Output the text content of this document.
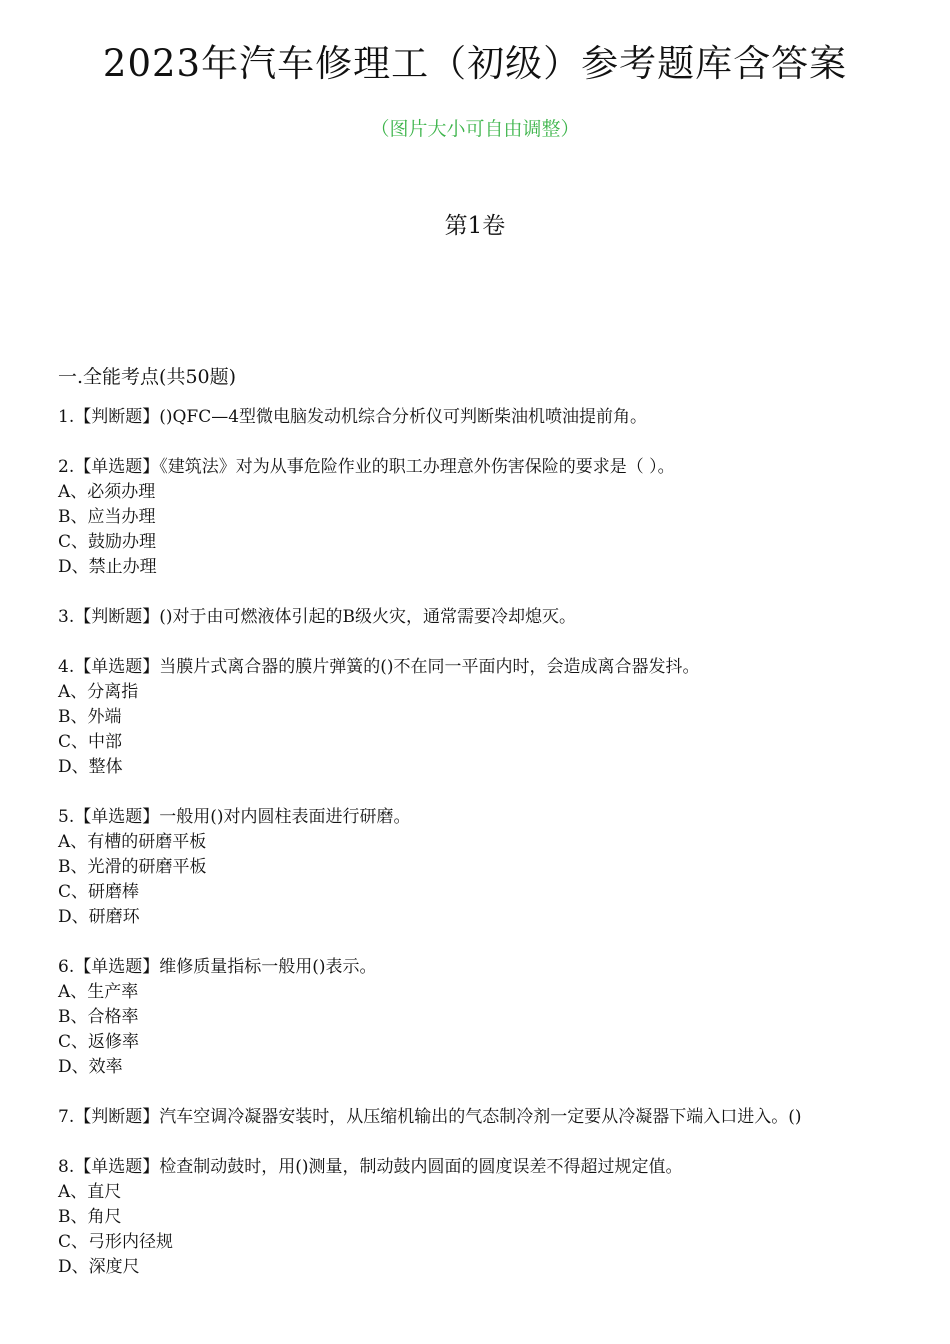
2023年汽车修理工（初级）参考题库含答案
（图片大小可自由调整）
第1卷
一.全能考点(共50题)
1.【判断题】()QFC—4型微电脑发动机综合分析仪可判断柴油机喷油提前角。
2.【单选题】《建筑法》对为从事危险作业的职工办理意外伤害保险的要求是（ ）。
A、必须办理
B、应当办理
C、鼓励办理
D、禁止办理
3.【判断题】()对于由可燃液体引起的B级火灾，通常需要冷却熄灭。
4.【单选题】当膜片式离合器的膜片弹簧的()不在同一平面内时，会造成离合器发抖。
A、分离指
B、外端
C、中部
D、整体
5.【单选题】一般用()对内圆柱表面进行研磨。
A、有槽的研磨平板
B、光滑的研磨平板
C、研磨棒
D、研磨环
6.【单选题】维修质量指标一般用()表示。
A、生产率
B、合格率
C、返修率
D、效率
7.【判断题】汽车空调冷凝器安装时，从压缩机输出的气态制冷剂一定要从冷凝器下端入口进入。()
8.【单选题】检查制动鼓时，用()测量，制动鼓内圆面的圆度误差不得超过规定值。
A、直尺
B、角尺
C、弓形内径规
D、深度尺
